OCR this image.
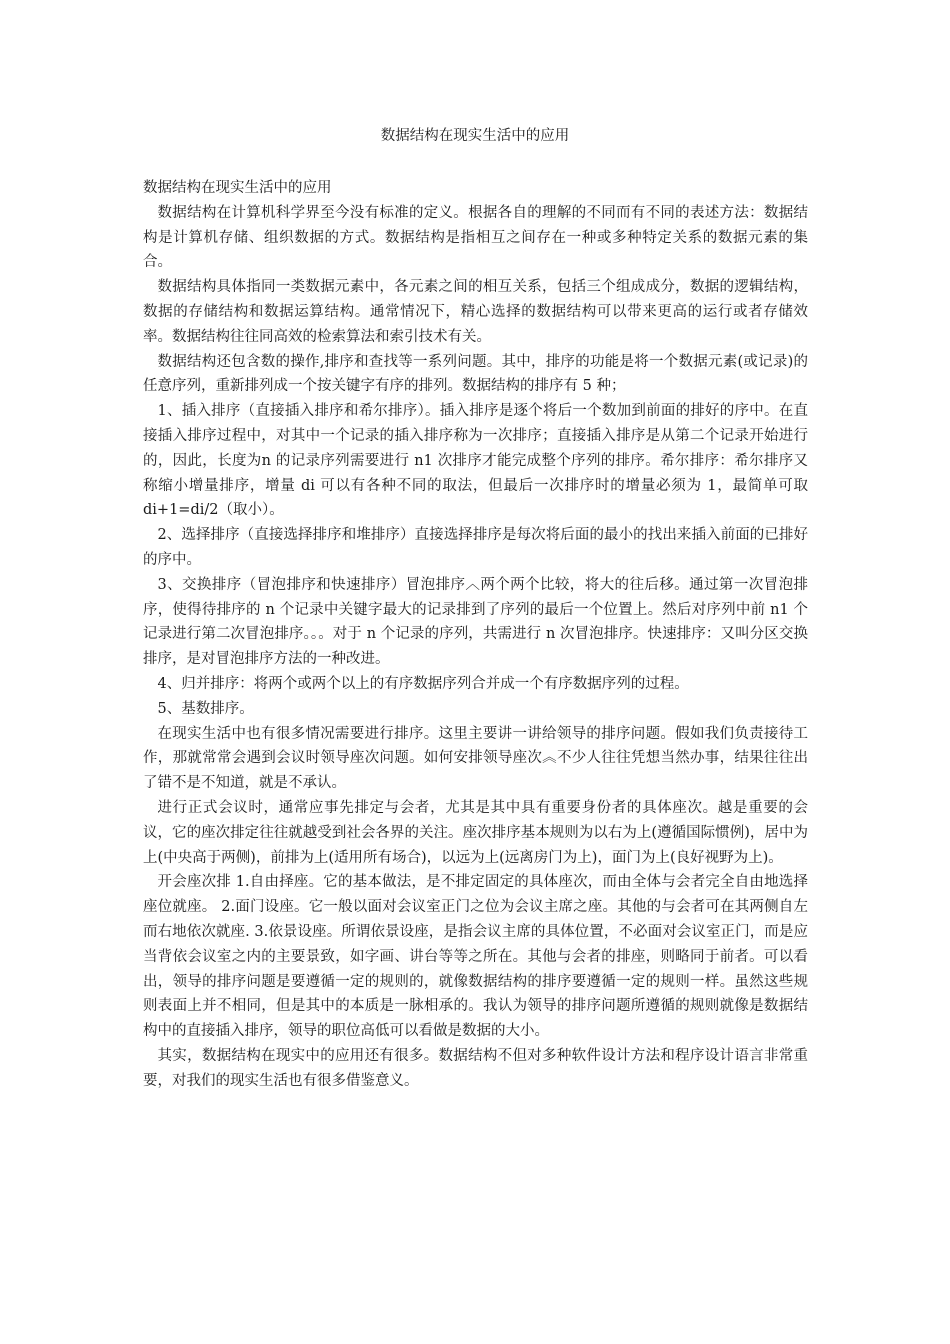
数据结构在现实生活中的应用

数据结构在现实生活中的应用

数据结构在计算机科学界至今没有标准的定义。根据各自的理解的不同而有不同的表述方法：数据结构是计算机存储、组织数据的方式。数据结构是指相互之间存在一种或多种特定关系的数据元素的集合。

数据结构具体指同一类数据元素中，各元素之间的相互关系，包括三个组成成分，数据的逻辑结构，数据的存储结构和数据运算结构。通常情况下，精心选择的数据结构可以带来更高的运行或者存储效率。数据结构往往同高效的检索算法和索引技术有关。

数据结构还包含数的操作,排序和查找等一系列问题。其中，排序的功能是将一个数据元素(或记录)的任意序列，重新排列成一个按关键字有序的排列。数据结构的排序有 5 种；

1、插入排序（直接插入排序和希尔排序）。插入排序是逐个将后一个数加到前面的排好的序中。在直接插入排序过程中，对其中一个记录的插入排序称为一次排序；直接插入排序是从第二个记录开始进行的，因此，长度为n 的记录序列需要进行 n1 次排序才能完成整个序列的排序。希尔排序：希尔排序又称缩小增量排序，增量 di 可以有各种不同的取法，但最后一次排序时的增量必须为 1，最简单可取 di+1=di/2（取小）。

2、选择排序（直接选择排序和堆排序）直接选择排序是每次将后面的最小的找出来插入前面的已排好的序中。

3、交换排序（冒泡排序和快速排序）冒泡排序︿两个两个比较，将大的往后移。通过第一次冒泡排序，使得待排序的 n 个记录中关键字最大的记录排到了序列的最后一个位置上。然后对序列中前 n1 个记录进行第二次冒泡排序。。。对于 n 个记录的序列，共需进行 n 次冒泡排序。快速排序：又叫分区交换排序，是对冒泡排序方法的一种改进。

4、归并排序：将两个或两个以上的有序数据序列合并成一个有序数据序列的过程。

5、基数排序。

在现实生活中也有很多情况需要进行排序。这里主要讲一讲给领导的排序问题。假如我们负责接待工作，那就常常会遇到会议时领导座次问题。如何安排领导座次︽不少人往往凭想当然办事，结果往往出了错不是不知道，就是不承认。

进行正式会议时，通常应事先排定与会者，尤其是其中具有重要身份者的具体座次。越是重要的会议，它的座次排定往往就越受到社会各界的关注。座次排序基本规则为以右为上(遵循国际惯例)，居中为上(中央高于两侧)，前排为上(适用所有场合)，以远为上(远离房门为上)，面门为上(良好视野为上)。

开会座次排 1.自由择座。它的基本做法，是不排定固定的具体座次，而由全体与会者完全自由地选择座位就座。 2.面门设座。它一般以面对会议室正门之位为会议主席之座。其他的与会者可在其两侧自左而右地依次就座. 3.依景设座。所谓依景设座，是指会议主席的具体位置，不必面对会议室正门，而是应当背依会议室之内的主要景致，如字画、讲台等等之所在。其他与会者的排座，则略同于前者。可以看出，领导的排序问题是要遵循一定的规则的，就像数据结构的排序要遵循一定的规则一样。虽然这些规则表面上并不相同，但是其中的本质是一脉相承的。我认为领导的排序问题所遵循的规则就像是数据结构中的直接插入排序，领导的职位高低可以看做是数据的大小。

其实，数据结构在现实中的应用还有很多。数据结构不但对多种软件设计方法和程序设计语言非常重要，对我们的现实生活也有很多借鉴意义。
